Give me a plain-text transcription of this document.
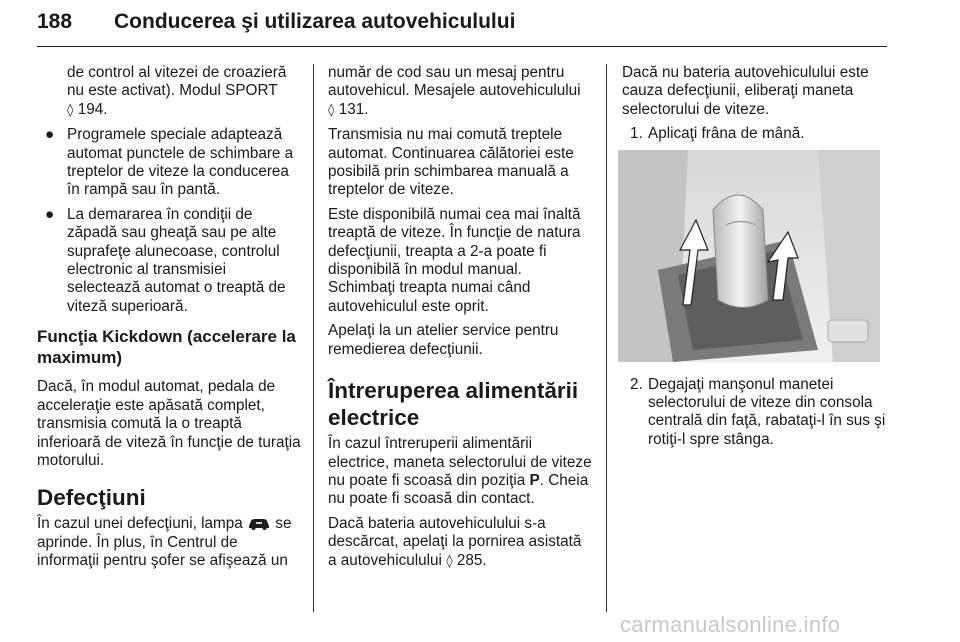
188 Conducerea şi utilizarea autovehiculului

de control al vitezei de croazieră nu este activat). Modul SPORT
◊ 194.

● Programele speciale adaptează automat punctele de schimbare a treptelor de viteze la conducerea în rampă sau în pantă.
● La demararea în condiţii de zăpadă sau gheaţă sau pe alte suprafeţe alunecoase, controlul electronic al transmisiei selectează automat o treaptă de viteză superioară.
Funcţia Kickdown (accelerare la maximum)

Dacă, în modul automat, pedala de acceleraţie este apăsată complet, transmisia comută la o treaptă inferioară de viteză în funcţie de turaţia motorului.

Defecţiuni

În cazul unei defecţiuni, lampa se aprinde. În plus, în Centrul de informaţii pentru şofer se afişează un

număr de cod sau un mesaj pentru autovehicul. Mesajele autovehiculului
◊ 131.

Transmisia nu mai comută treptele automat. Continuarea călătoriei este posibilă prin schimbarea manuală a treptelor de viteze.

Este disponibilă numai cea mai înaltă treaptă de viteze. În funcţie de natura defecţiunii, treapta a 2-a poate fi disponibilă în modul manual. Schimbaţi treapta numai când autovehiculul este oprit.

Apelaţi la un atelier service pentru remedierea defecţiunii.

Întreruperea alimentării electrice

În cazul întreruperii alimentării electrice, maneta selectorului de viteze nu poate fi scoasă din poziţia P. Cheia nu poate fi scoasă din contact.

Dacă bateria autovehiculului s-a descărcat, apelaţi la pornirea asistată a autovehiculului ◊ 285.

Dacă nu bateria autovehiculului este cauza defecţiunii, eliberaţi maneta selectorului de viteze.

1. Aplicaţi frâna de mână.
2. Degajaţi manşonul manetei selectorului de viteze din consola centrală din faţă, rabataţi-l în sus şi rotiţi-l spre stânga.
carmanualsonline.info
